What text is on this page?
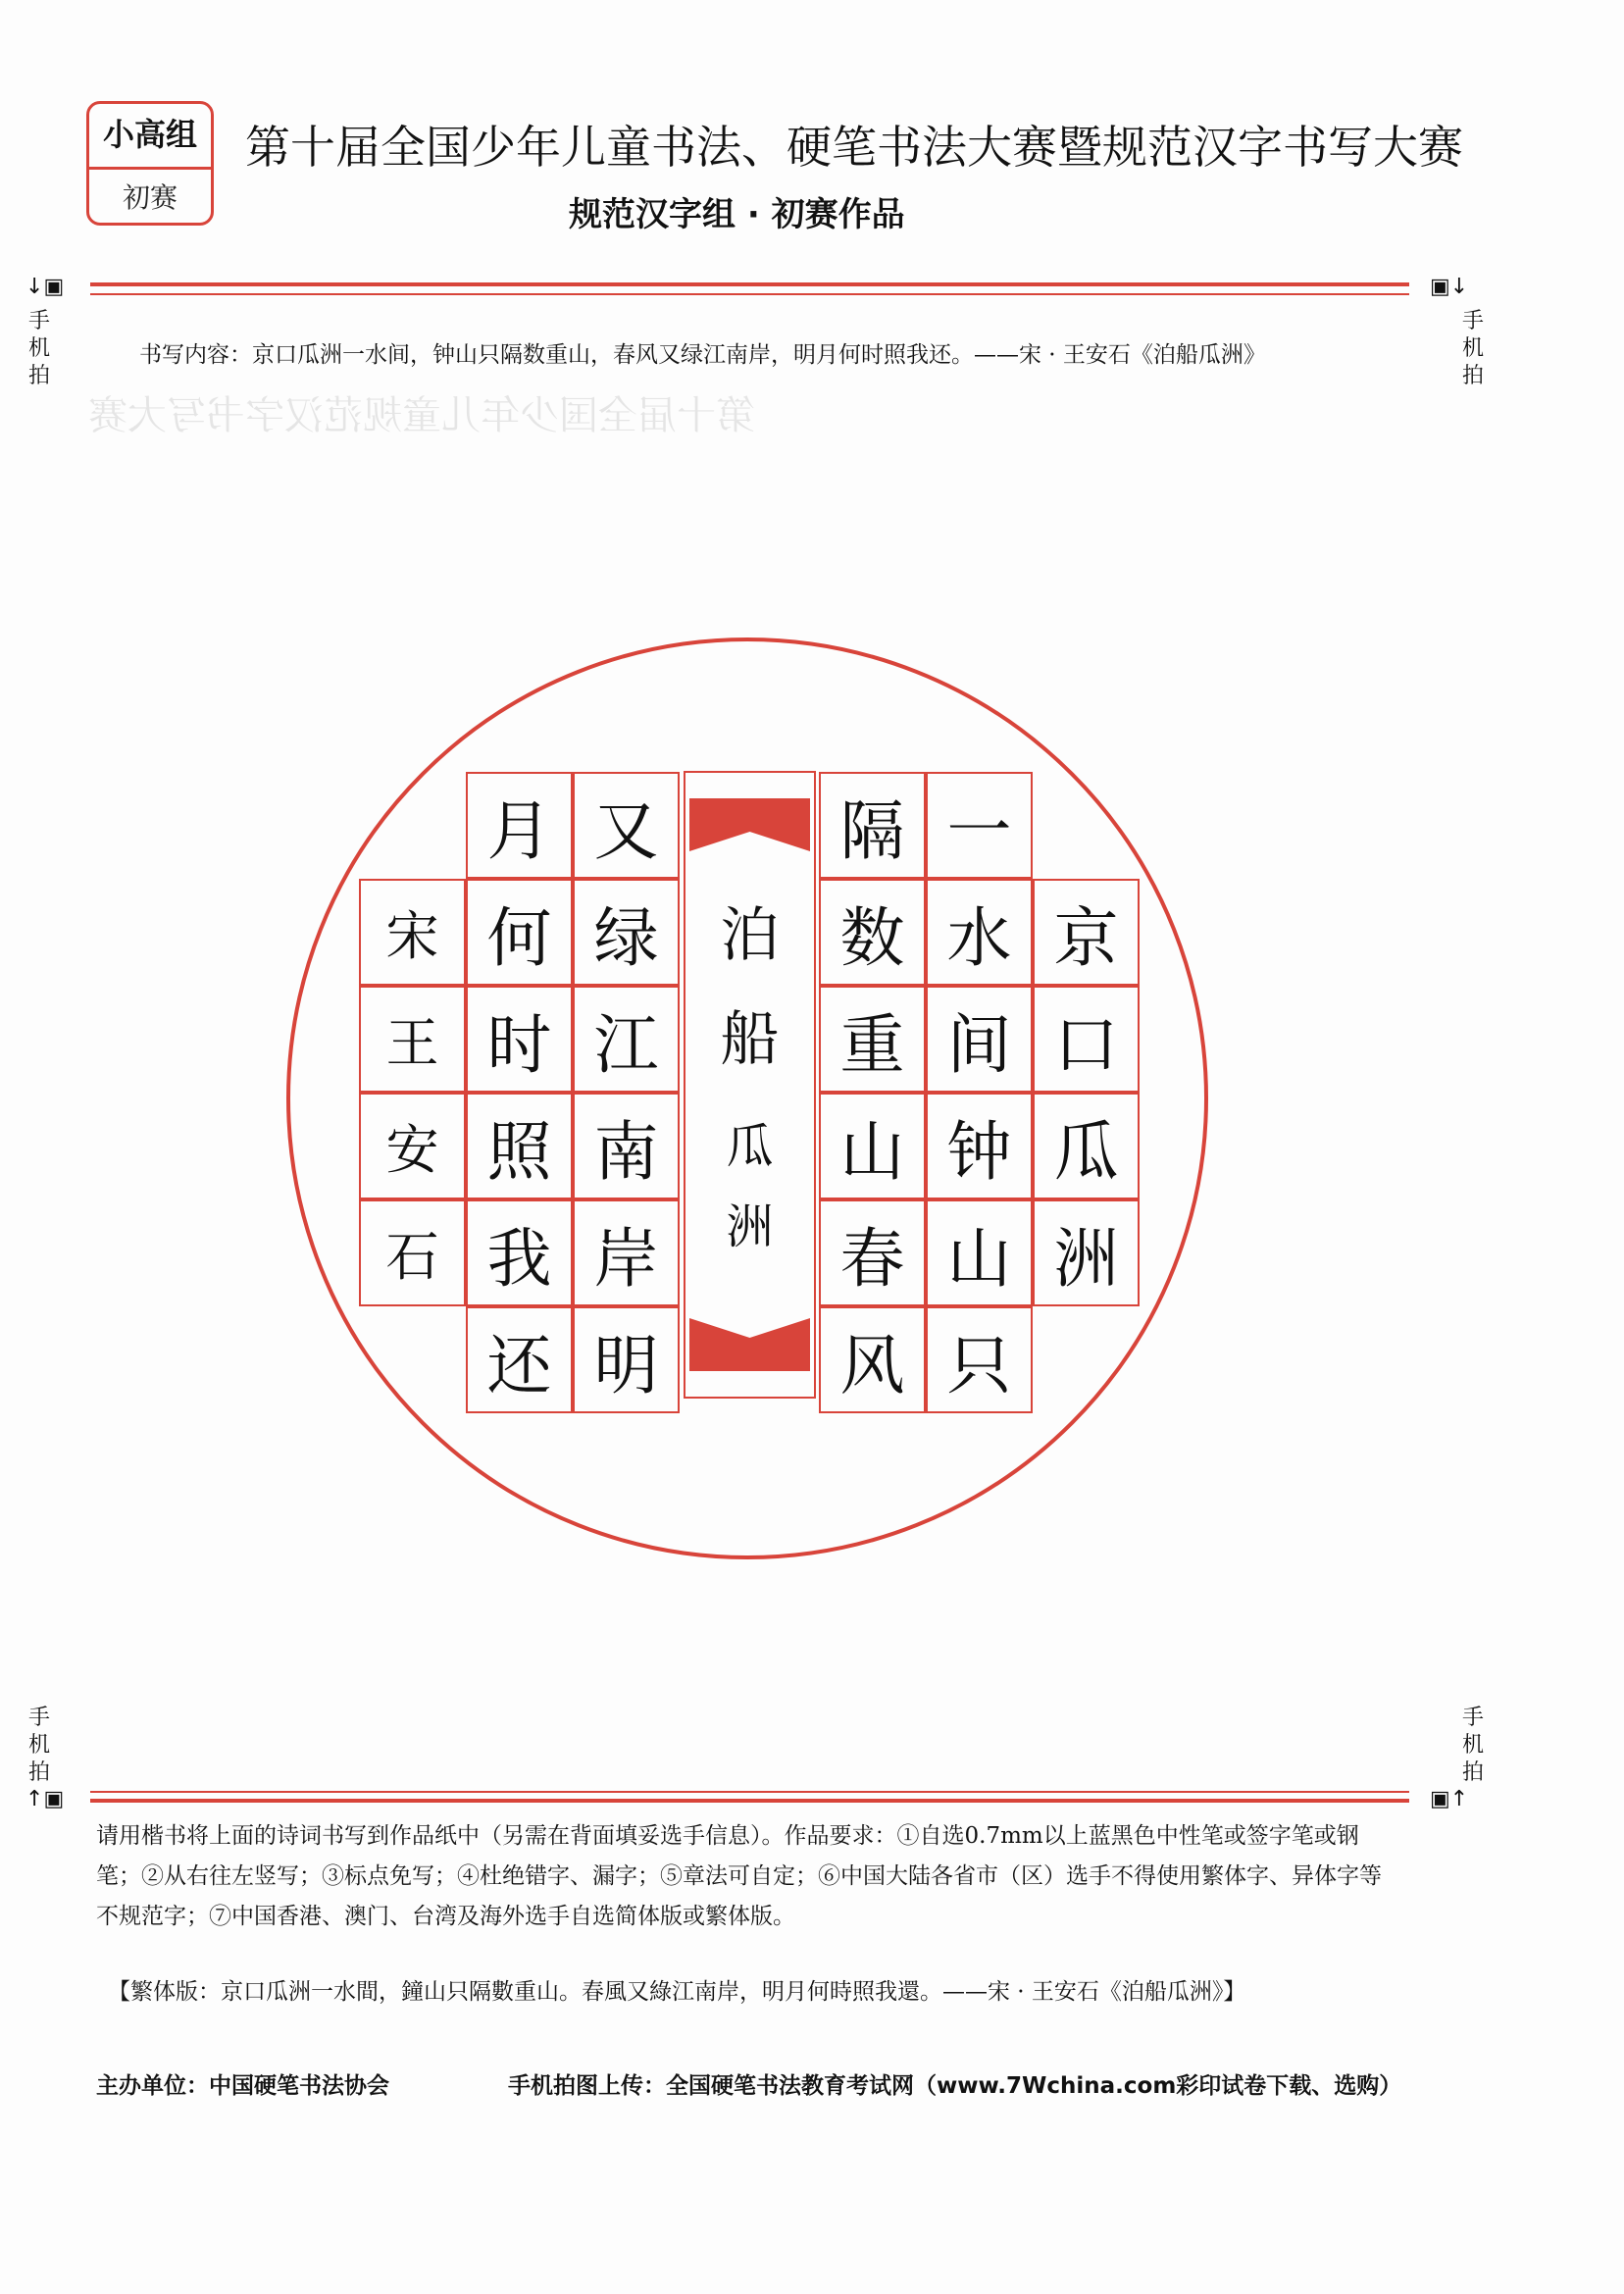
第十届全国少年儿童规范汉字书写大赛
小高组
初赛
第十届全国少年儿童书法、硬笔书法大赛暨规范汉字书写大赛
规范汉字组 · 初赛作品
↓▣
手机拍
▣↓
手机拍
书写内容：京口瓜洲一水间，钟山只隔数重山，春风又绿江南岸，明月何时照我还。——宋 · 王安石《泊船瓜洲》
京
口
瓜
洲
一
水
间
钟
山
只
隔
数
重
山
春
风
又
绿
江
南
岸
明
月
何
时
照
我
还
宋
王
安
石
泊
船
瓜
洲
手机拍
↑▣
手机拍
▣↑
请用楷书将上面的诗词书写到作品纸中（另需在背面填妥选手信息）。作品要求：①自选0.7mm以上蓝黑色中性笔或签字笔或钢笔；②从右往左竖写；③标点免写；④杜绝错字、漏字；⑤章法可自定；⑥中国大陆各省市（区）选手不得使用繁体字、异体字等不规范字；⑦中国香港、澳门、台湾及海外选手自选简体版或繁体版。
【繁体版：京口瓜洲一水間，鐘山只隔數重山。春風又綠江南岸，明月何時照我還。——宋 · 王安石《泊船瓜洲》】
主办单位：中国硬笔书法协会	手机拍图上传：全国硬笔书法教育考试网（www.7Wchina.com彩印试卷下载、选购）
